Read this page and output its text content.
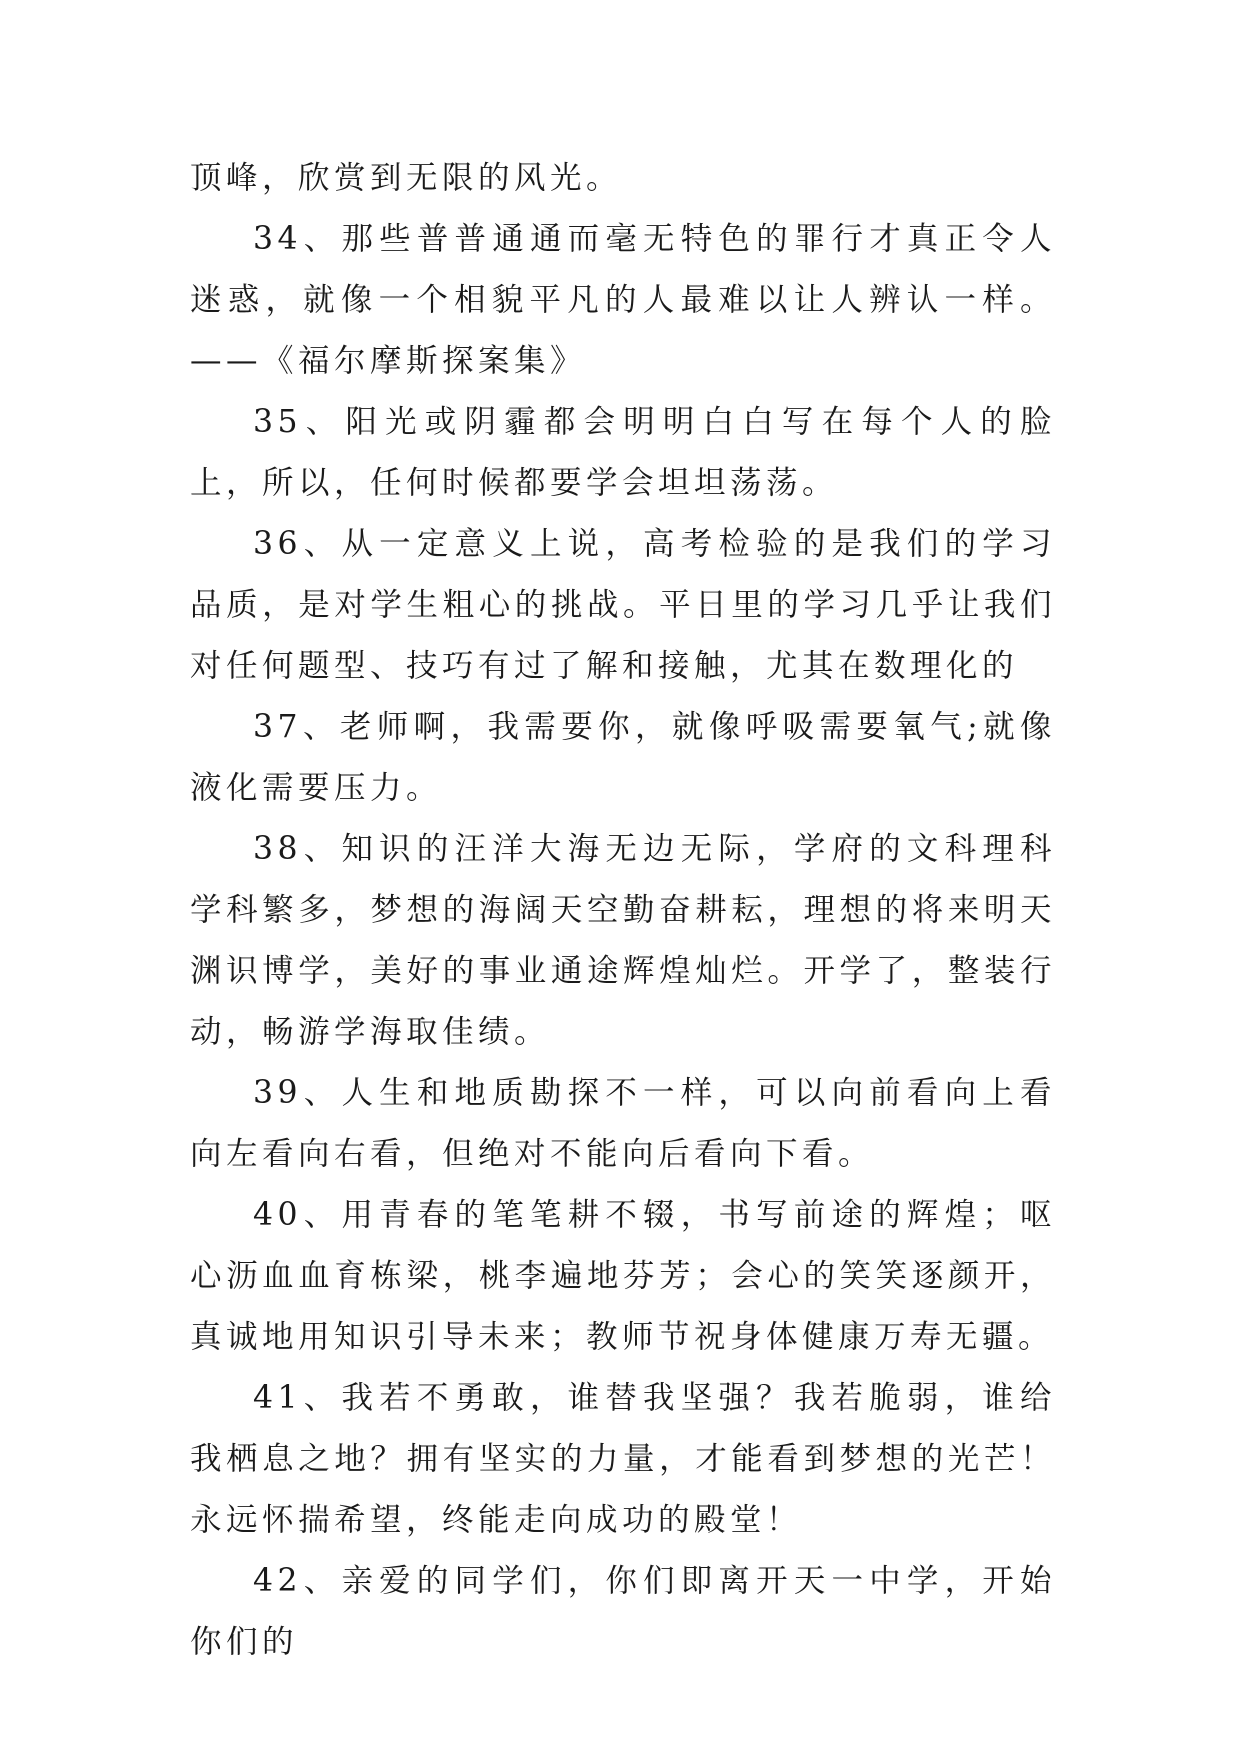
顶峰，欣赏到无限的风光。

34、那些普普通通而毫无特色的罪行才真正令人迷惑，就像一个相貌平凡的人最难以让人辨认一样。——《福尔摩斯探案集》

35、阳光或阴霾都会明明白白写在每个人的脸上，所以，任何时候都要学会坦坦荡荡。

36、从一定意义上说，高考检验的是我们的学习品质，是对学生粗心的挑战。平日里的学习几乎让我们对任何题型、技巧有过了解和接触，尤其在数理化的

37、老师啊，我需要你，就像呼吸需要氧气;就像液化需要压力。

38、知识的汪洋大海无边无际，学府的文科理科学科繁多，梦想的海阔天空勤奋耕耘，理想的将来明天渊识博学，美好的事业通途辉煌灿烂。开学了，整装行动，畅游学海取佳绩。

39、人生和地质勘探不一样，可以向前看向上看向左看向右看，但绝对不能向后看向下看。

40、用青春的笔笔耕不辍，书写前途的辉煌；呕心沥血血育栋梁，桃李遍地芬芳；会心的笑笑逐颜开，真诚地用知识引导未来；教师节祝身体健康万寿无疆。

41、我若不勇敢，谁替我坚强？我若脆弱，谁给我栖息之地？拥有坚实的力量，才能看到梦想的光芒！永远怀揣希望，终能走向成功的殿堂！

42、亲爱的同学们，你们即离开天一中学，开始你们的
